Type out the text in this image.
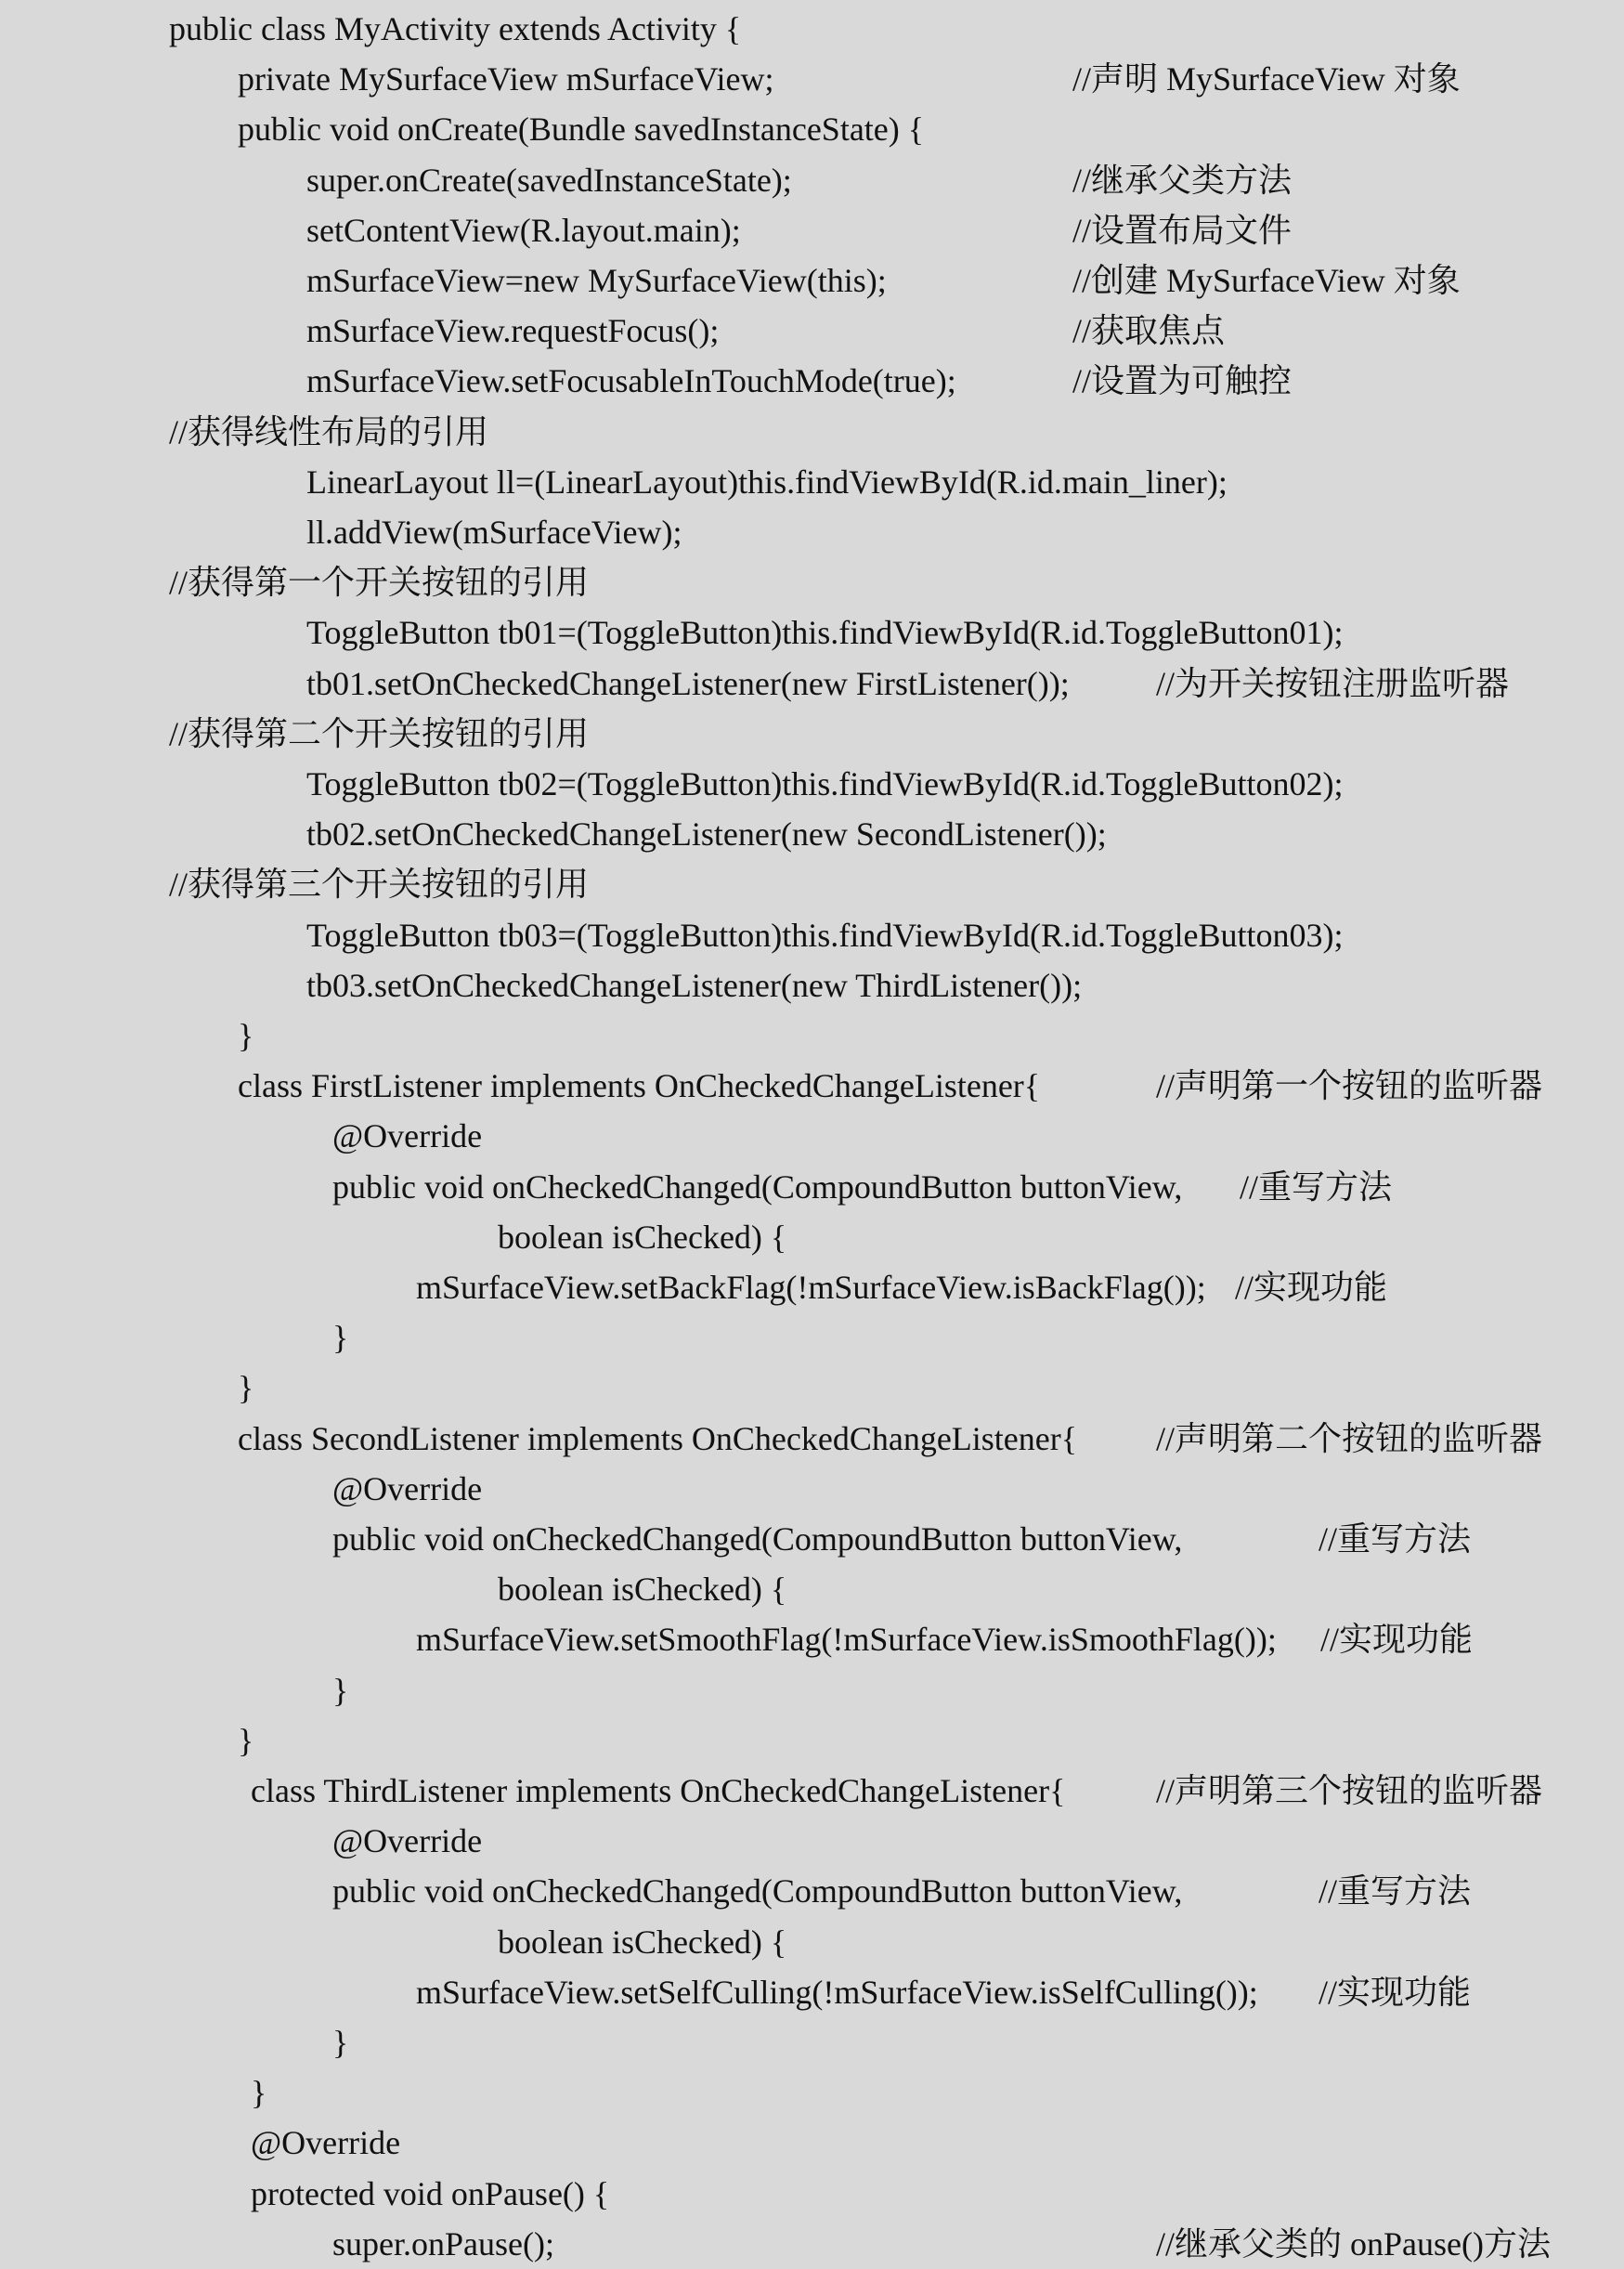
public class MyActivity extends Activity {
private MySurfaceView mSurfaceView;	//声明 MySurfaceView 对象
public void onCreate(Bundle savedInstanceState) {
super.onCreate(savedInstanceState);	//继承父类方法
setContentView(R.layout.main);	//设置布局文件
mSurfaceView=new MySurfaceView(this);	//创建 MySurfaceView 对象
mSurfaceView.requestFocus();	//获取焦点
mSurfaceView.setFocusableInTouchMode(true);	//设置为可触控
//获得线性布局的引用
LinearLayout ll=(LinearLayout)this.findViewById(R.id.main_liner);
ll.addView(mSurfaceView);
//获得第一个开关按钮的引用
ToggleButton tb01=(ToggleButton)this.findViewById(R.id.ToggleButton01);
tb01.setOnCheckedChangeListener(new FirstListener());	//为开关按钮注册监听器
//获得第二个开关按钮的引用
ToggleButton tb02=(ToggleButton)this.findViewById(R.id.ToggleButton02);
tb02.setOnCheckedChangeListener(new SecondListener());
//获得第三个开关按钮的引用
ToggleButton tb03=(ToggleButton)this.findViewById(R.id.ToggleButton03);
tb03.setOnCheckedChangeListener(new ThirdListener());
}
class FirstListener implements OnCheckedChangeListener{	//声明第一个按钮的监听器
@Override
public void onCheckedChanged(CompoundButton buttonView, //重写方法
boolean isChecked) {
mSurfaceView.setBackFlag(!mSurfaceView.isBackFlag()); //实现功能
}
}
class SecondListener implements OnCheckedChangeListener{ //声明第二个按钮的监听器
@Override
public void onCheckedChanged(CompoundButton buttonView,	//重写方法
boolean isChecked) {
mSurfaceView.setSmoothFlag(!mSurfaceView.isSmoothFlag()); //实现功能
}
}
class ThirdListener implements OnCheckedChangeListener{	//声明第三个按钮的监听器
@Override
public void onCheckedChanged(CompoundButton buttonView,	//重写方法
boolean isChecked) {
mSurfaceView.setSelfCulling(!mSurfaceView.isSelfCulling()); //实现功能
}
}
@Override
protected void onPause() {
super.onPause();	//继承父类的 onPause()方法
